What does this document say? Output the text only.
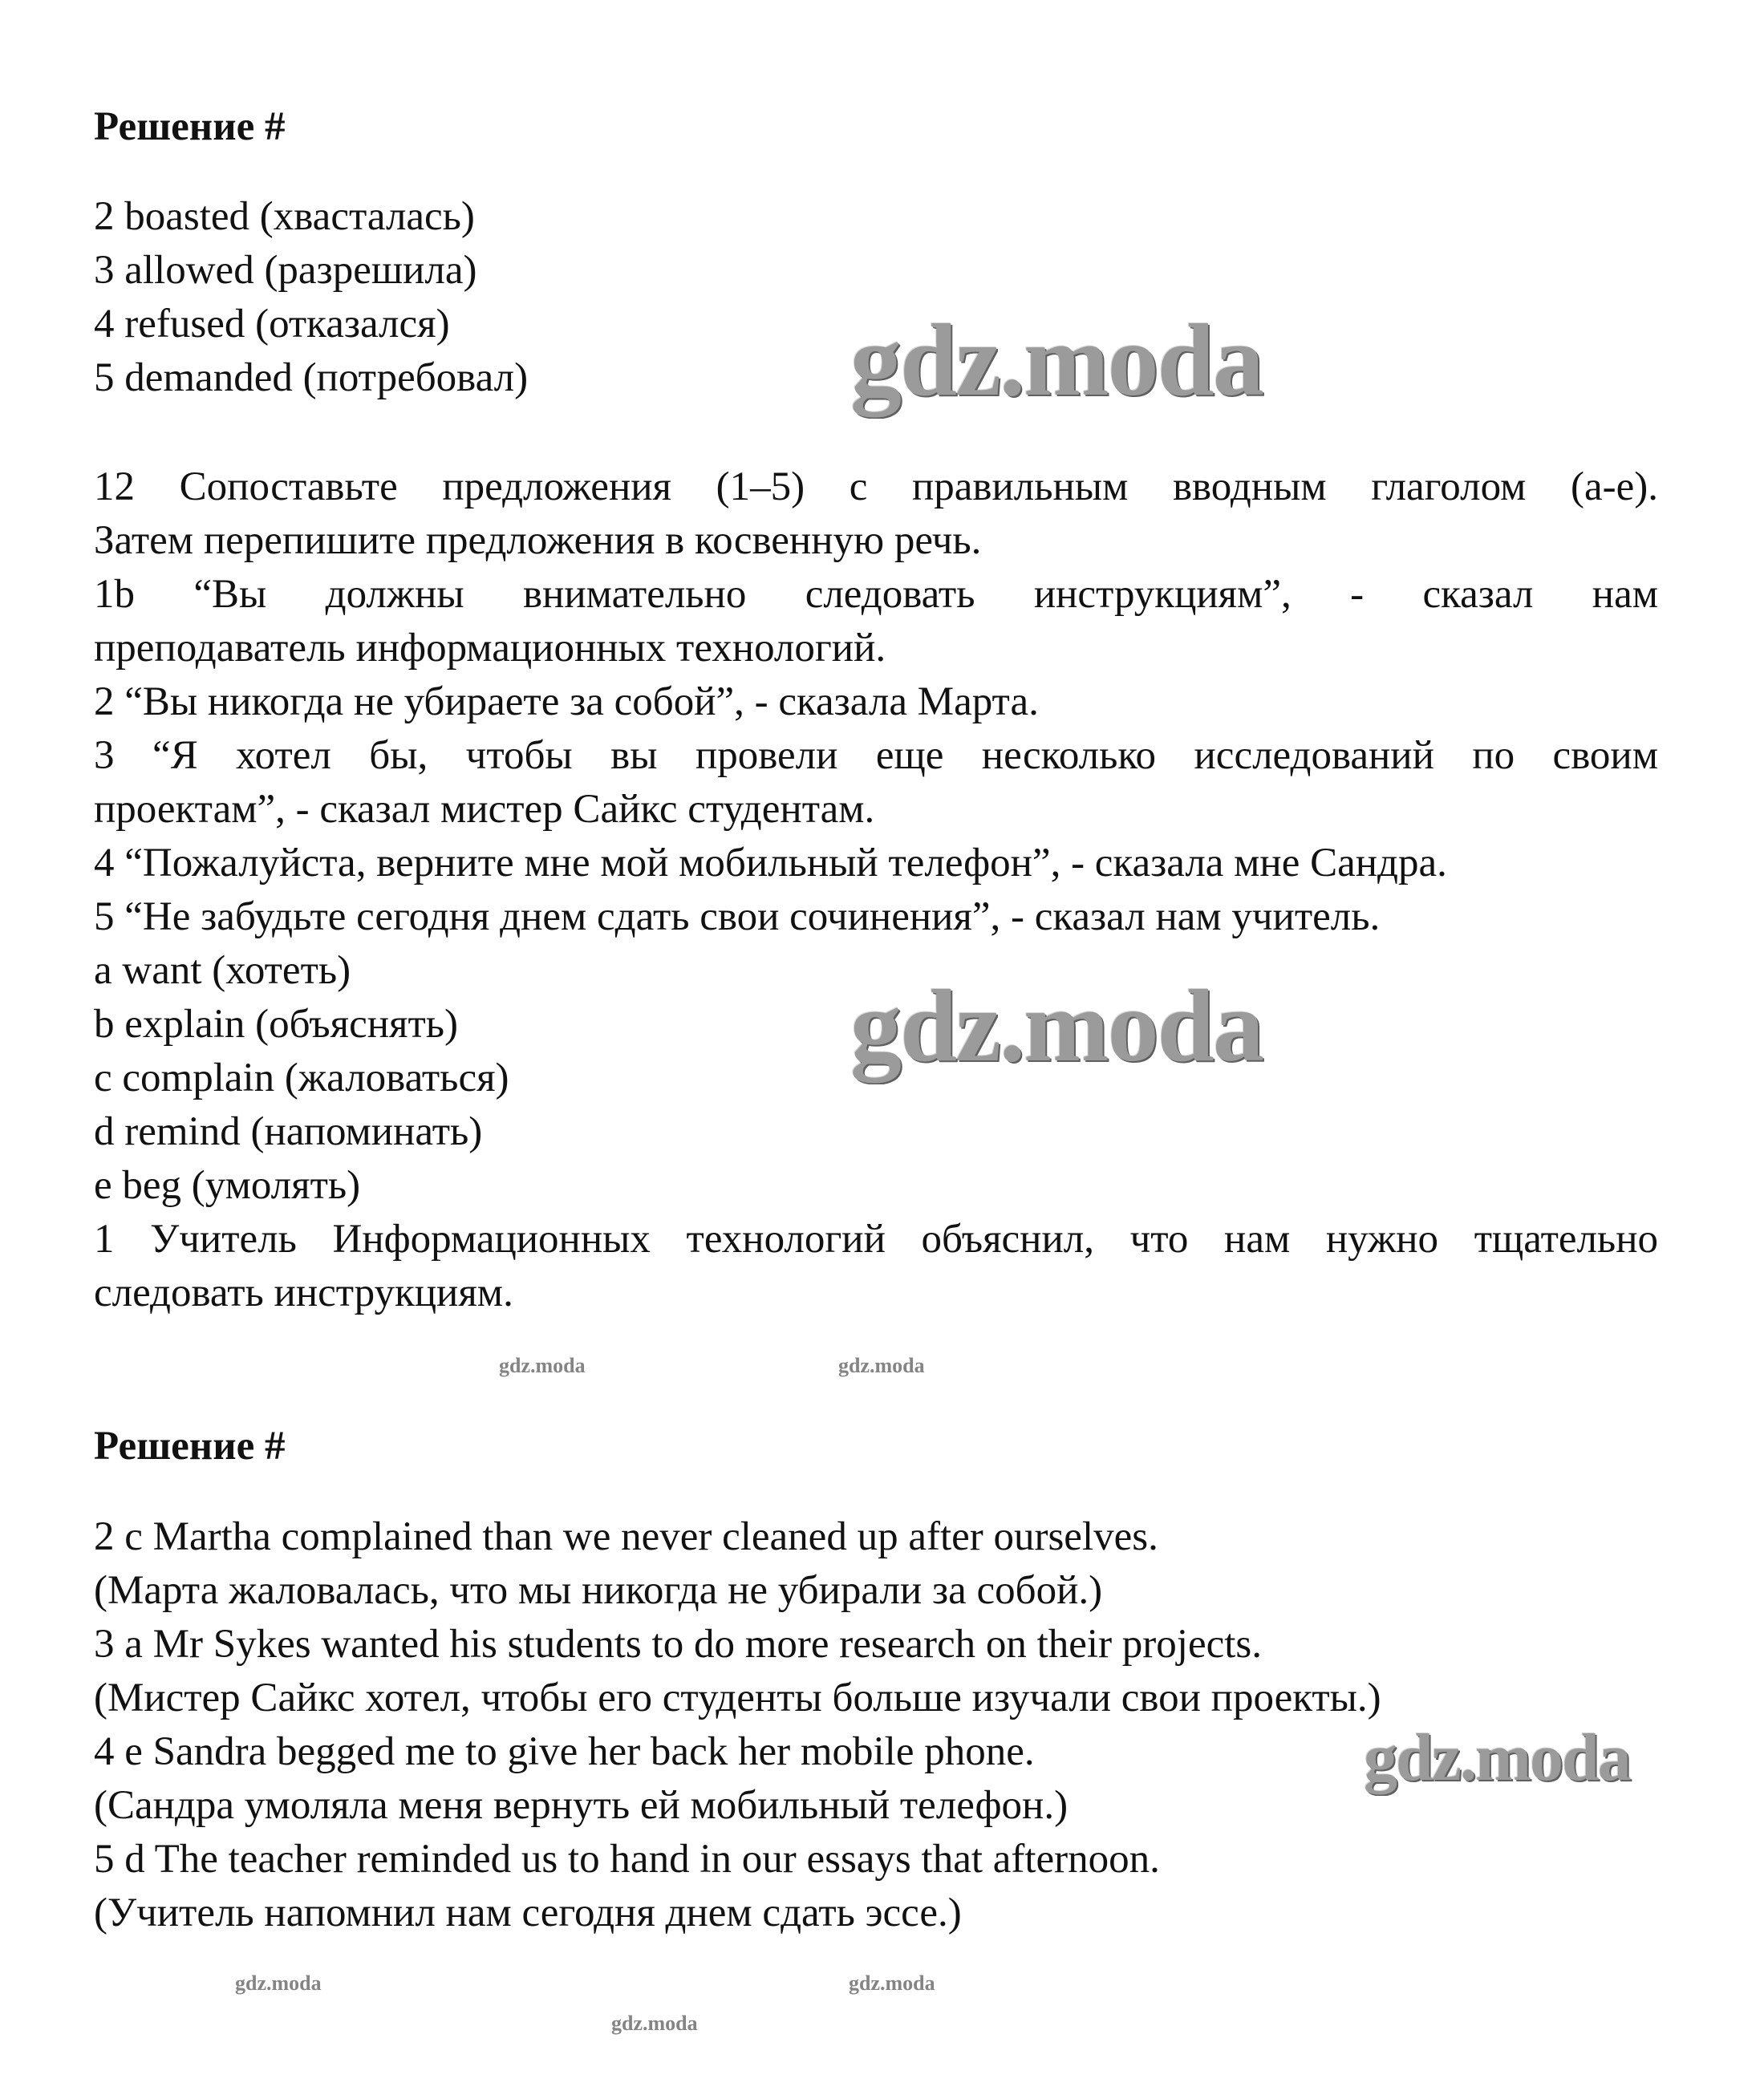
Решение #
2 boasted (хвасталась)
3 allowed (разрешила)
4 refused (отказался)
5 demanded (потребовал)
12 Сопоставьте предложения (1–5) с правильным вводным глаголом (a-e).
Затем перепишите предложения в косвенную речь.
1b “Вы должны внимательно следовать инструкциям”, - сказал нам
преподаватель информационных технологий.
2 “Вы никогда не убираете за собой”, - сказала Марта.
3 “Я хотел бы, чтобы вы провели еще несколько исследований по своим
проектам”, - сказал мистер Сайкс студентам.
4 “Пожалуйста, верните мне мой мобильный телефон”, - сказала мне Сандра.
5 “Не забудьте сегодня днем сдать свои сочинения”, - сказал нам учитель.
a want (хотеть)
b explain (объяснять)
c complain (жаловаться)
d remind (напоминать)
e beg (умолять)
1 Учитель Информационных технологий объяснил, что нам нужно тщательно
следовать инструкциям.
Решение #
2 c Martha complained than we never cleaned up after ourselves.
(Марта жаловалась, что мы никогда не убирали за собой.)
3 a Mr Sykes wanted his students to do more research on their projects.
(Мистер Сайкс хотел, чтобы его студенты больше изучали свои проекты.)
4 e Sandra begged me to give her back her mobile phone.
(Сандра умоляла меня вернуть ей мобильный телефон.)
5 d The teacher reminded us to hand in our essays that afternoon.
(Учитель напомнил нам сегодня днем сдать эссе.)
gdz.moda
gdz.moda
gdz.moda
gdz.moda	gdz.moda
gdz.moda	gdz.moda
gdz.moda
